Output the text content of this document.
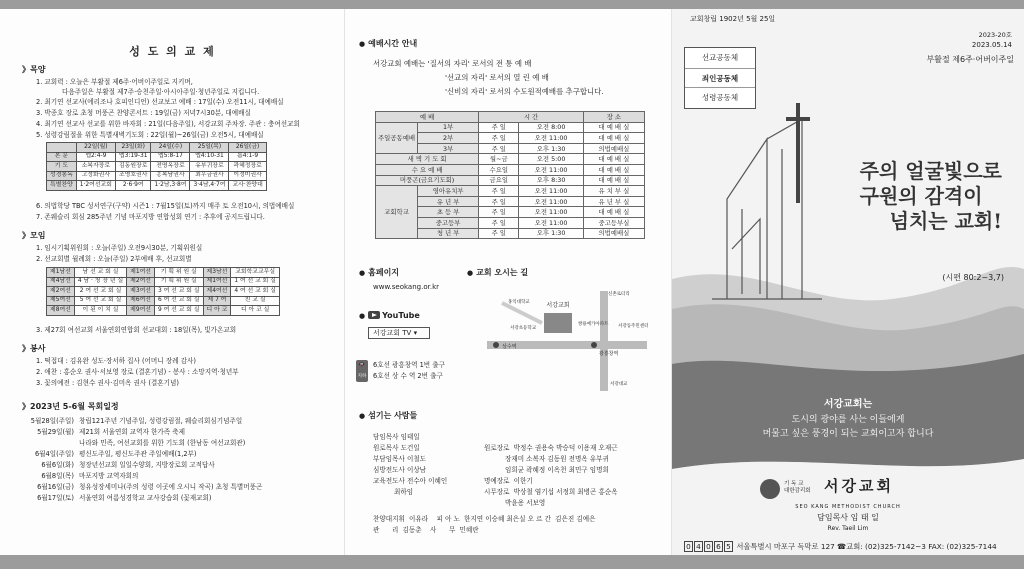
성 도 의 교 제
》목양
1. 교회력 : 오늘은 부활절 제6주·어버이주일로 지키며,
다음주일은 부활절 제7주·승천주일·아시아주일·청년주일로 지킵니다.
2. 최기연 선교사(에리조나 호피인디언) 선교보고 예배 : 17일(수) 오전11시, 대예배실
3. 박종호 장로 초청 머풍곤 찬양콘서트 : 19일(금) 저녁7시30분, 대예배실
4. 최기연 선교사 선교를 위한 바자회 : 21일(다음주일), 서강교회 주차장. 주관 : 충여선교회
5. 성령강림절을 위한 특별새벽기도회 : 22일(월)~26일(금) 오전5시, 대예배실
	22일(월)	23일(화)	24일(수)	25일(목)	26일(금)
본 문	엡2:4-9	엡3:19-31	엡5:8-17	엡4:10-31	롬4:1-9
기 도	소복자장로	김동원장로	전명옥장로	유부귀장로	곽혜정장로
성경봉독	고정화권사	조영호권사	홍복남권사	최우금권사	이정미권사
특별찬양	1·2여선교회	2·6·9여	1·2남,3·8여	3·4남,4·7여	교사·찬양대
6. 의법학당 TBC 성서연구(구약) 시즌1 : 7월15일(토)까지 매주 토 오전10시, 의법예배실
7. 존웨슬리 회심 285주년 기념 마포지방 연합성회 연기 : 추후에 공지드립니다.
》모임
1. 임시기획위원회 : 오늘(주일) 오전9시30분, 기획위원실
2. 선교회별 월례회 : 오늘(주일) 2부예배 후, 선교회별
제1남선	남 선 교 회 실	제1여선	기 획 위 원 실	제3남선	교회학교교무실
제4남선	4 남 · 청 장 년 실	제2여선	기 획 위 원 실	제1여선	1 여 선 교 회 실
제2여선	2 여 선 교 회 실	제3여선	3 여 선 교 회 실	제4여선	4 여 선 교 회 실
제5여선	5 여 선 교 회 실	제6여선	6 여 선 교 회 실	제 7 여	친 교 실
제8여선	이 된 이 치 실	제9여선	9 여 선 교 회 실	디 아 코	디 아 코 실
3. 제27회 여선교회 서울연회연합회 선교대회 : 18일(목), 빛가온교회
》봉사
1. 떡접대 : 김유완 성도·장서하 집사 (어머니 장례 감사)
2. 애찬 : 홍순오 권사·서보영 장로 (결혼기념) - 봉사 : 소망지역·청년부
3. 꽃의예전 : 김현수 권사·김미옥 권사 (결혼기념)
》2023년 5-6월 목회일정
5월28일(주일) 창립121주년 기념주일, 성령강림절, 웨슬리회심기념주일
5월29일(월) 제21회 서울연회 교역자 한가족 축제
나라와 민족, 여선교회를 위한 기도회 (한남동 여선교회관)
6월4일(주일) 평신도주일, 평신도주관 주일예배(1,2부)
6월6일(화) 청장년선교회 일일수양회, 지방장로회 고적답사
6월8일(목) 마포지방 교역자회의
6월16일(금) 청유성장세미나(주의 성령 이곳에 오시니 작곡) 초청 특별머풍곤
6월17일(토) 서울연회 여름성경학교 교사강습회 (꽃재교회)
● 예배시간 안내
서강교회 예배는 '질서의 자리' 로서의 전 통 예 배
'선교의 자리' 로서의 열 린 예 배
'신비의 자리' 로서의 수도원적예배를 추구합니다.
예 배		시 간		장 소
주일공동예배	1부	주 일	오전 8:00	대 예 배 실
	2부	주 일	오전 11:00	대 예 배 실
	3부	주 일	오후 1:30	의법예배실
새 벽 기 도 회		월~금	오전 5:00	대 예 배 실
수 요 예 배		수요일	오전 11:00	대 예 배 실
머풍곤(금요기도회)		금요일	오후 8:30	대 예 배 실
교회학교	영아유치부	주 일	오전 11:00	유 치 부 실
	유 년 부	주 일	오전 11:00	유 년 부 실
	초 등 부	주 일	오전 11:00	대 예 배 실
	중고등부	주 일	오전 11:00	중고등부실
	청 년 부	주 일	오후 1:30	의법예배실
● 홈페이지
www.seokang.or.kr
● YouTube
서강교회 TV ▾
🚇
지하철
6호선 광흥창역 1번 출구
6호선 상 수 역 2번 출구
● 교회 오시는 길
서강교회
상수역
광흥창역
신촌로터리
서강대교
홍익대학교
서강초등학교
쌍용예가아파트 서강동주민센터
● 섬기는 사람들
담임목사 임태일
원로목사 도건일
부담임목사 이철도
심방전도사 이상남
교육전도사 전수아 이혜인
최하임
원로장로  박정수 권용숙 박승덕 이용재 오재근
장재미 소복자 김동원 전명옥 유부귀
임희균 곽혜정 이옥천 최민구 임명희
명예장로  이한기
시무장로  박상철 염기섭 서정희 최병곤 홍순옥
박윤용 서보영
찬양대지휘  이유라    피 아 노  한지연 이승혜 최은실 오 르 간  김은진 김예은
관      리  김동춘    사      무  민혜란
교회창립 1902년 5월 25일
2023-20호
2023.05.14
부활절 제6주·어버이주일
선교공동체
죄인공동체
성령공동체
주의 얼굴빛으로
구원의 감격이
넘치는 교회!
(시편 80:2~3,7)
서강교회는
도시의 광야를 사는 이들에게
머물고 싶은 풍경이 되는 교회이고자 합니다
기 독 교
대한감리회 서강교회
SEO KANG METHODIST CHURCH
담임목사 임 태 일
Rev. Taeil Lim
0 4 0 6 5 서울특별시 마포구 독막로 127 ☎교회: (02)325-7142~3 FAX: (02)325-7144
